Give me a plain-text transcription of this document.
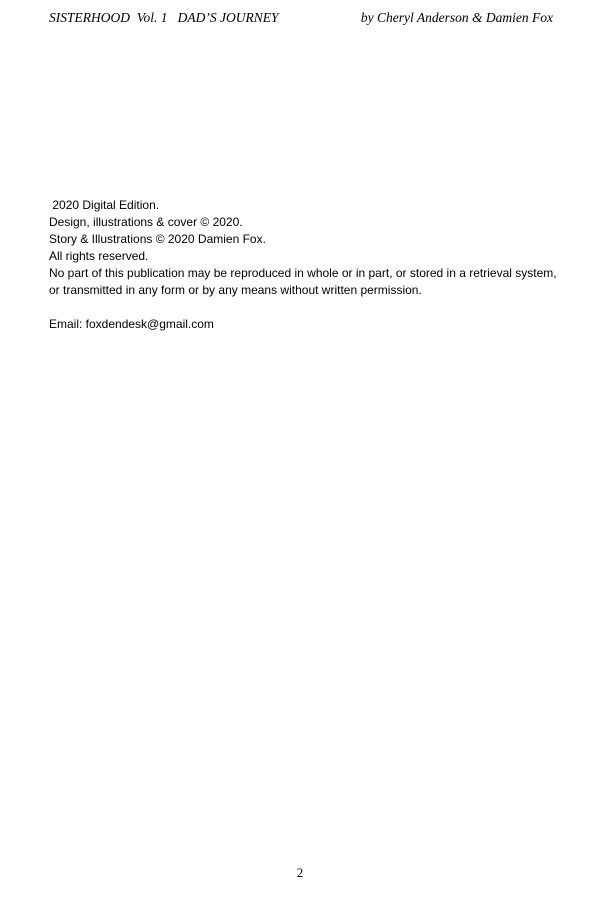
SISTERHOOD  Vol. 1   DAD’S JOURNEY	by Cheryl Anderson & Damien Fox
2020 Digital Edition.
Design, illustrations & cover © 2020.
Story & Illustrations © 2020 Damien Fox.
All rights reserved.
No part of this publication may be reproduced in whole or in part, or stored in a retrieval system, or transmitted in any form or by any means without written permission.
Email: foxdendesk@gmail.com
2
